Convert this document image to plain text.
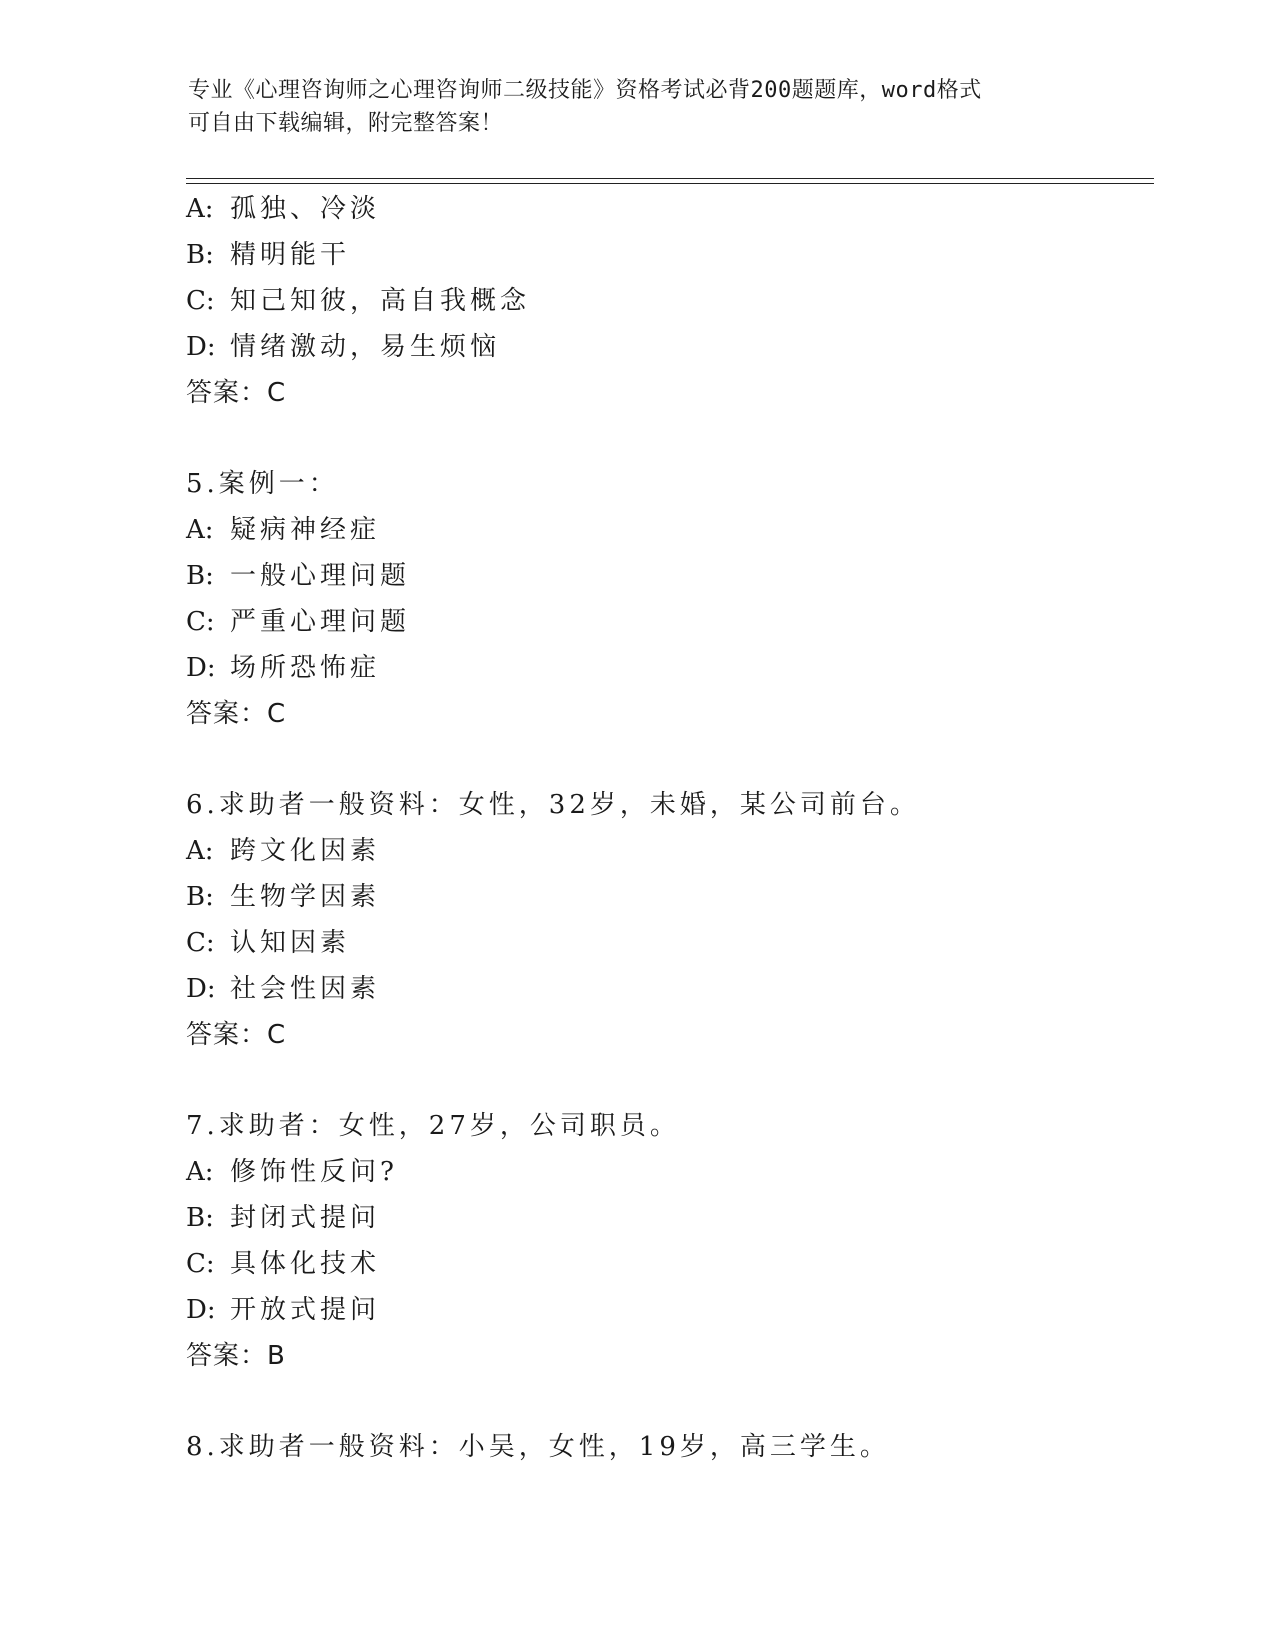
专业《心理咨询师之心理咨询师二级技能》资格考试必背200题题库，word格式
可自由下载编辑，附完整答案！
A: 孤独、冷淡
B: 精明能干
C: 知己知彼，高自我概念
D: 情绪激动，易生烦恼
答案：C
5.案例一：
A: 疑病神经症
B: 一般心理问题
C: 严重心理问题
D: 场所恐怖症
答案：C
6.求助者一般资料：女性，32岁，未婚，某公司前台。
A: 跨文化因素
B: 生物学因素
C: 认知因素
D: 社会性因素
答案：C
7.求助者：女性，27岁，公司职员。
A: 修饰性反问?
B: 封闭式提问
C: 具体化技术
D: 开放式提问
答案：B
8.求助者一般资料：小吴，女性，19岁，高三学生。
